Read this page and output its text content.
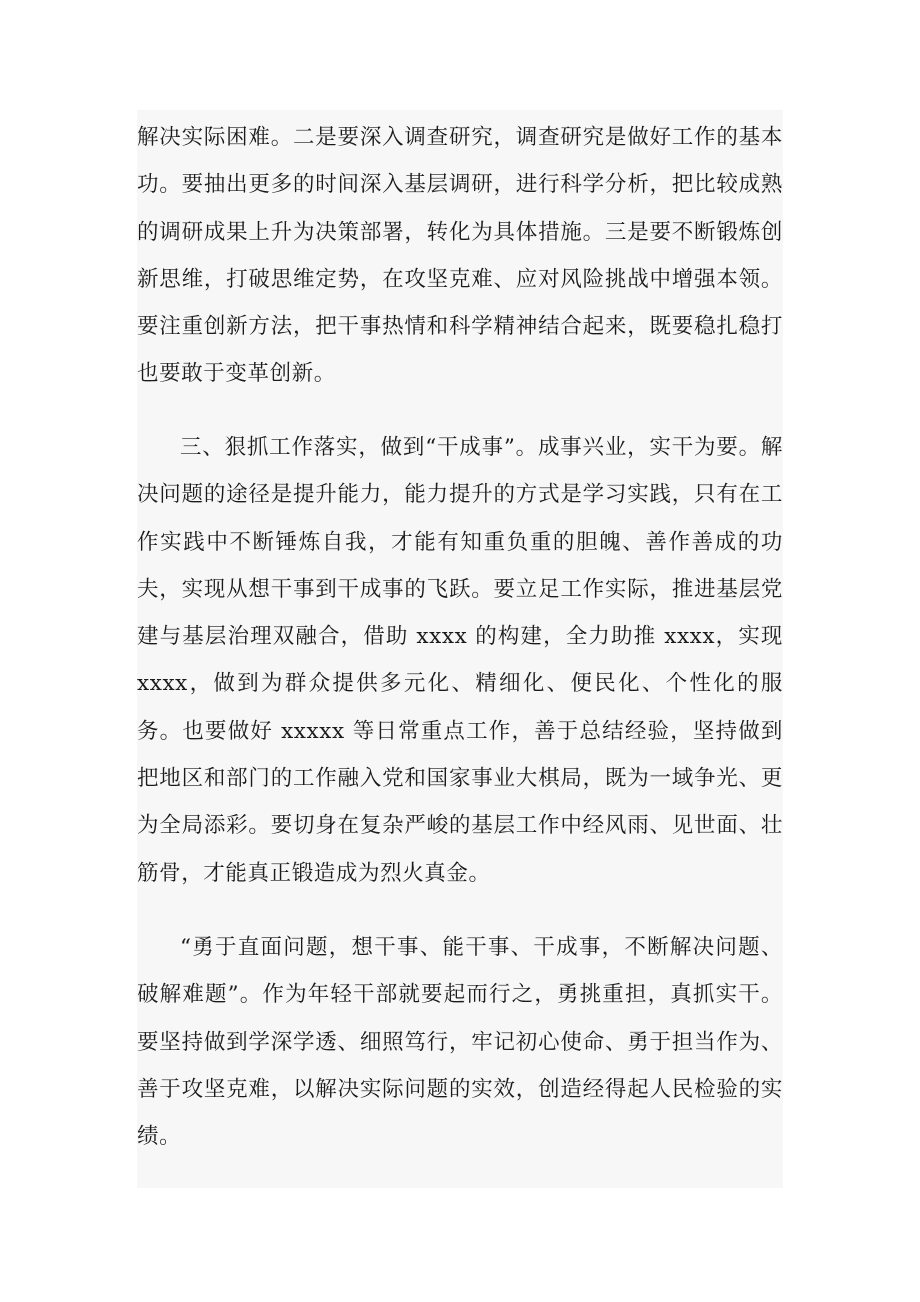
解决实际困难。二是要深入调查研究，调查研究是做好工作的基本功。要抽出更多的时间深入基层调研，进行科学分析，把比较成熟的调研成果上升为决策部署，转化为具体措施。三是要不断锻炼创新思维，打破思维定势，在攻坚克难、应对风险挑战中增强本领。要注重创新方法，把干事热情和科学精神结合起来，既要稳扎稳打也要敢于变革创新。

三、狠抓工作落实，做到“干成事”。成事兴业，实干为要。解决问题的途径是提升能力，能力提升的方式是学习实践，只有在工作实践中不断锤炼自我，才能有知重负重的胆魄、善作善成的功夫，实现从想干事到干成事的飞跃。要立足工作实际，推进基层党建与基层治理双融合，借助 xxxx 的构建，全力助推 xxxx，实现 xxxx，做到为群众提供多元化、精细化、便民化、个性化的服务。也要做好 xxxxx 等日常重点工作，善于总结经验，坚持做到把地区和部门的工作融入党和国家事业大棋局，既为一域争光、更为全局添彩。要切身在复杂严峻的基层工作中经风雨、见世面、壮筋骨，才能真正锻造成为烈火真金。

“勇于直面问题，想干事、能干事、干成事，不断解决问题、破解难题”。作为年轻干部就要起而行之，勇挑重担，真抓实干。要坚持做到学深学透、细照笃行，牢记初心使命、勇于担当作为、善于攻坚克难，以解决实际问题的实效，创造经得起人民检验的实绩。
